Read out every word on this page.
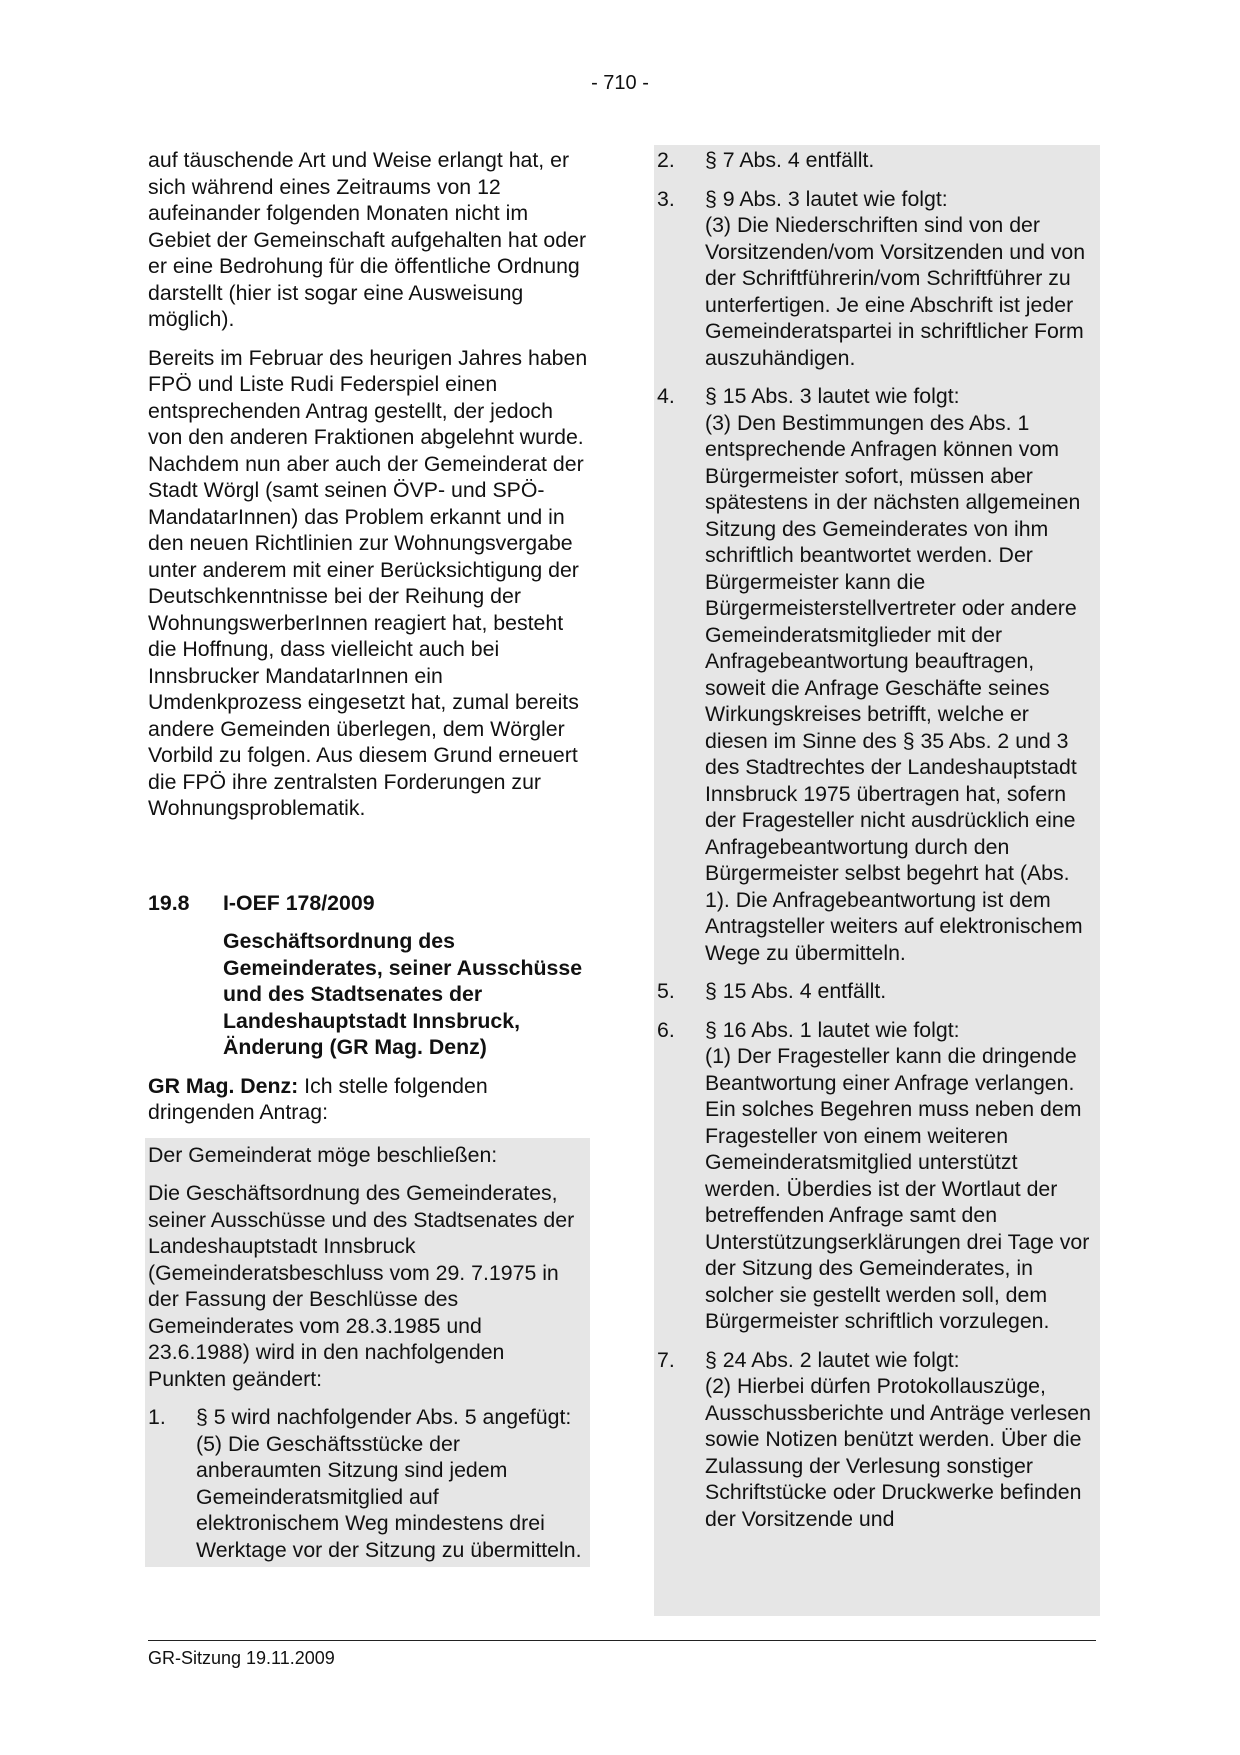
- 710 -

auf täuschende Art und Weise erlangt hat, er sich während eines Zeitraums von 12 aufeinander folgenden Monaten nicht im Gebiet der Gemeinschaft aufgehalten hat oder er eine Bedrohung für die öffentliche Ordnung darstellt (hier ist sogar eine Ausweisung möglich).

Bereits im Februar des heurigen Jahres haben FPÖ und Liste Rudi Federspiel einen entsprechenden Antrag gestellt, der jedoch von den anderen Fraktionen abgelehnt wurde. Nachdem nun aber auch der Gemeinderat der Stadt Wörgl (samt seinen ÖVP- und SPÖ-MandatarInnen) das Problem erkannt und in den neuen Richtlinien zur Wohnungsvergabe unter anderem mit einer Berücksichtigung der Deutschkenntnisse bei der Reihung der WohnungswerberInnen reagiert hat, besteht die Hoffnung, dass vielleicht auch bei Innsbrucker MandatarInnen ein Umdenkprozess eingesetzt hat, zumal bereits andere Gemeinden überlegen, dem Wörgler Vorbild zu folgen. Aus diesem Grund erneuert die FPÖ ihre zentralsten Forderungen zur Wohnungsproblematik.

19.8	I-OEF 178/2009

Geschäftsordnung des Gemeinderates, seiner Ausschüsse und des Stadtsenates der Landeshauptstadt Innsbruck, Änderung (GR Mag. Denz)

GR Mag. Denz: Ich stelle folgenden dringenden Antrag:

Der Gemeinderat möge beschließen:

Die Geschäftsordnung des Gemeinderates, seiner Ausschüsse und des Stadtsenates der Landeshauptstadt Innsbruck (Gemeinderatsbeschluss vom 29. 7.1975 in der Fassung der Beschlüsse des Gemeinderates vom 28.3.1985 und 23.6.1988) wird in den nachfolgenden Punkten geändert:

1.	§ 5 wird nachfolgender Abs. 5 angefügt:

(5) Die Geschäftsstücke der anberaumten Sitzung sind jedem Gemeinderatsmitglied auf elektronischem Weg mindestens drei Werktage vor der Sitzung zu übermitteln.

2.	§ 7 Abs. 4 entfällt.

3.	§ 9 Abs. 3 lautet wie folgt:

(3) Die Niederschriften sind von der Vorsitzenden/vom Vorsitzenden und von der Schriftführerin/vom Schriftführer zu unterfertigen. Je eine Abschrift ist jeder Gemeinderatspartei in schriftlicher Form auszuhändigen.

4.	§ 15 Abs. 3 lautet wie folgt:

(3) Den Bestimmungen des Abs. 1 entsprechende Anfragen können vom Bürgermeister sofort, müssen aber spätestens in der nächsten allgemeinen Sitzung des Gemeinderates von ihm schriftlich beantwortet werden. Der Bürgermeister kann die Bürgermeisterstellvertreter oder andere Gemeinderatsmitglieder mit der Anfragebeantwortung beauftragen, soweit die Anfrage Geschäfte seines Wirkungskreises betrifft, welche er diesen im Sinne des § 35 Abs. 2 und 3 des Stadtrechtes der Landeshauptstadt Innsbruck 1975 übertragen hat, sofern der Fragesteller nicht ausdrücklich eine Anfragebeantwortung durch den Bürgermeister selbst begehrt hat (Abs. 1). Die Anfragebeantwortung ist dem Antragsteller weiters auf elektronischem Wege zu übermitteln.

5.	§ 15 Abs. 4 entfällt.

6.	§ 16 Abs. 1 lautet wie folgt:

(1) Der Fragesteller kann die dringende Beantwortung einer Anfrage verlangen. Ein solches Begehren muss neben dem Fragesteller von einem weiteren Gemeinderatsmitglied unterstützt werden. Überdies ist der Wortlaut der betreffenden Anfrage samt den Unterstützungserklärungen drei Tage vor der Sitzung des Gemeinderates, in solcher sie gestellt werden soll, dem Bürgermeister schriftlich vorzulegen.

7.	§ 24 Abs. 2 lautet wie folgt:

(2) Hierbei dürfen Protokollauszüge, Ausschussberichte und Anträge verlesen sowie Notizen benützt werden. Über die Zulassung der Verlesung sonstiger Schriftstücke oder Druckwerke befinden der Vorsitzende und

GR-Sitzung 19.11.2009
